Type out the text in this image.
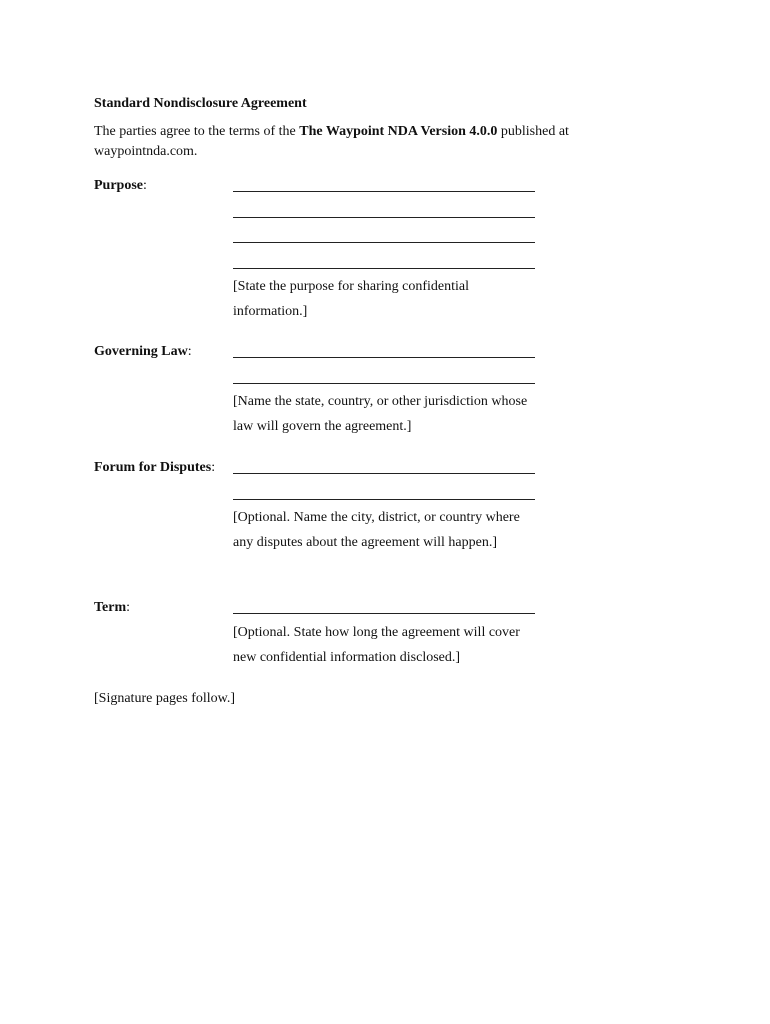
Standard Nondisclosure Agreement
The parties agree to the terms of the The Waypoint NDA Version 4.0.0 published at waypointnda.com.
Purpose:
[State the purpose for sharing confidential information.]
Governing Law:
[Name the state, country, or other jurisdiction whose law will govern the agreement.]
Forum for Disputes:
[Optional. Name the city, district, or country where any disputes about the agreement will happen.]
Term:
[Optional. State how long the agreement will cover new confidential information disclosed.]
[Signature pages follow.]
